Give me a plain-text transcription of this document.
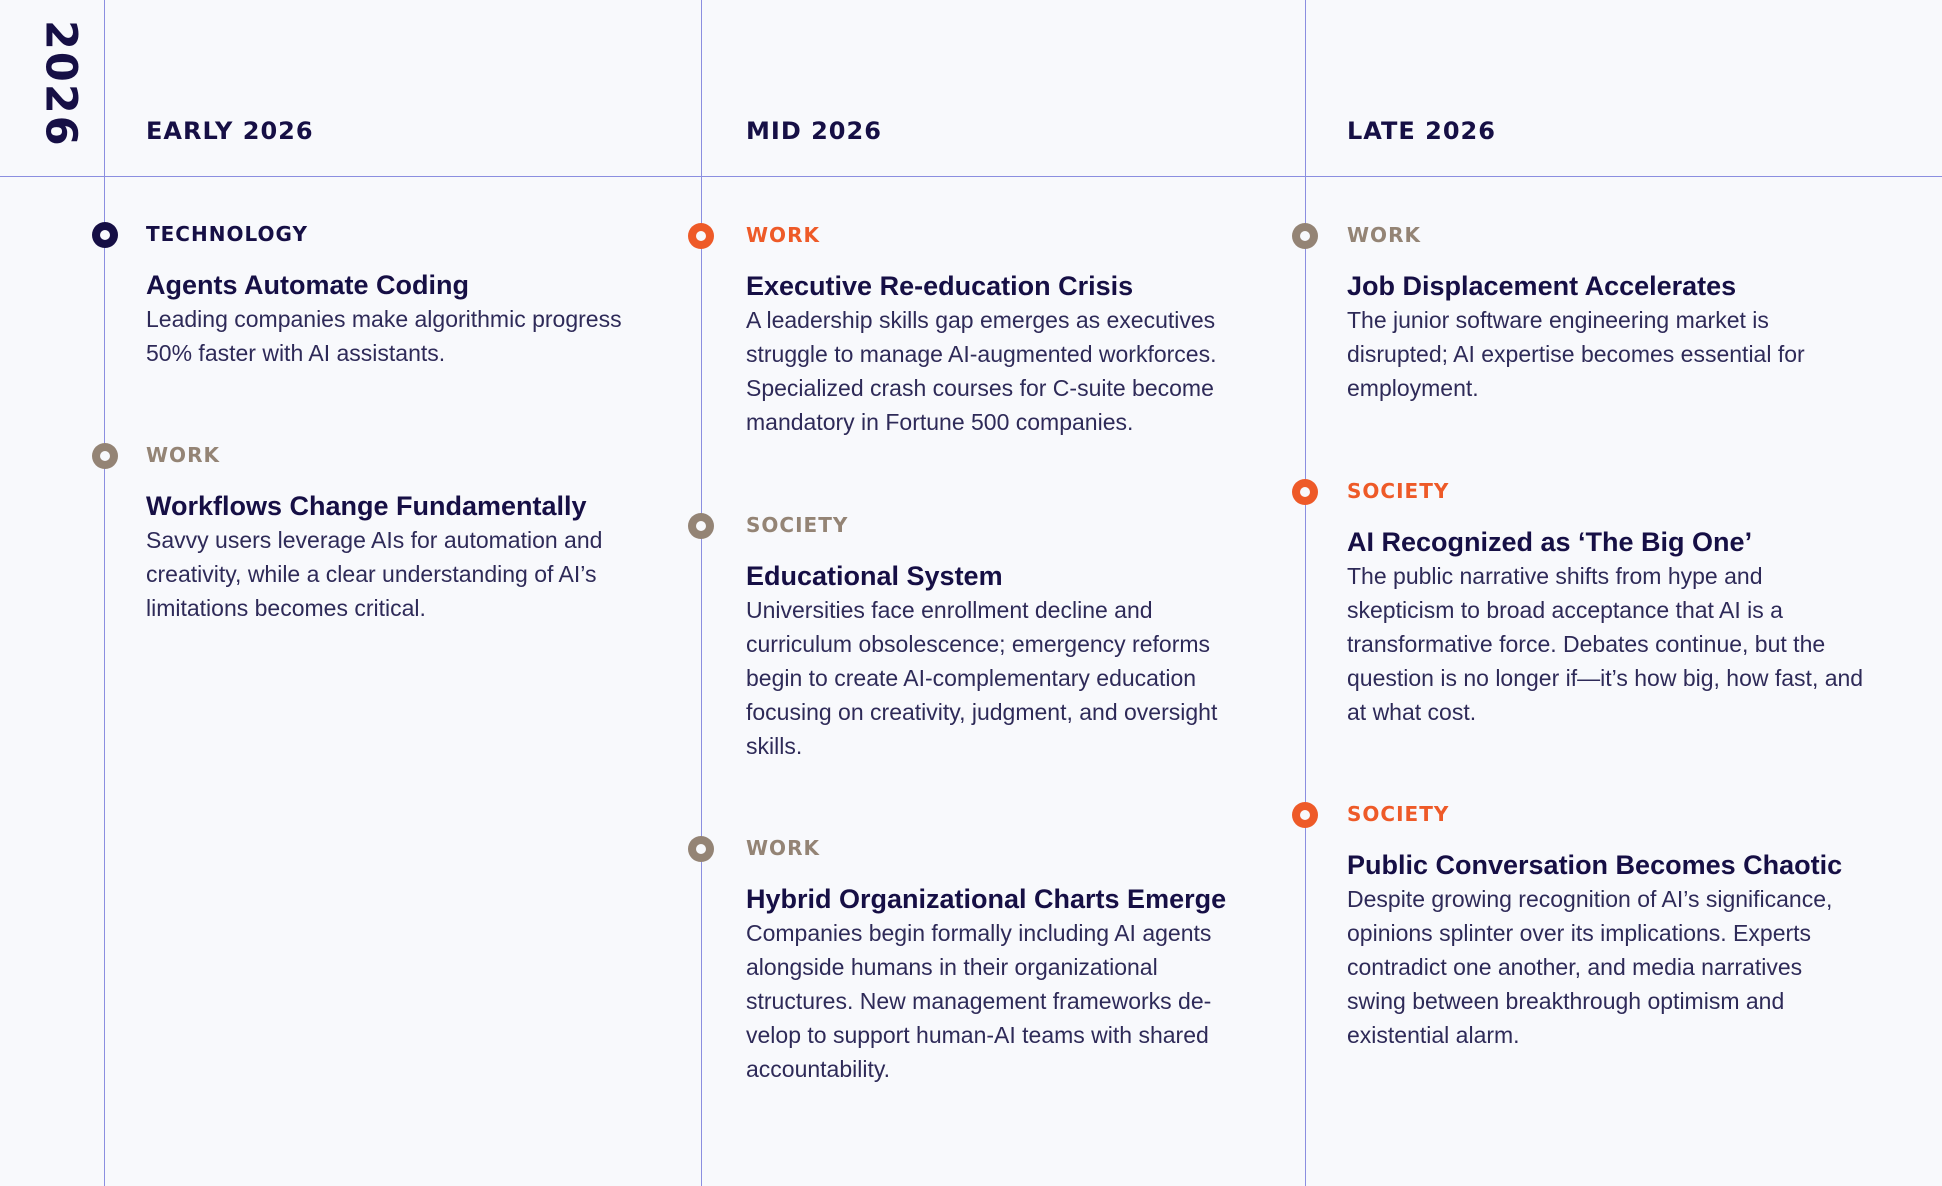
2026	EARLY 2026	MID 2026	LATE 2026
TECHNOLOGY
Agents Automate Coding
Leading companies make algorithmic progress 50% faster with AI assistants.
WORK
Workflows Change Fundamentally
Savvy users leverage AIs for automation and creativity, while a clear understanding of AI’s limitations becomes critical.
WORK
Executive Re-education Crisis
A leadership skills gap emerges as executives struggle to manage AI-augmented workforces. Specialized crash courses for C-suite become mandatory in Fortune 500 companies.
SOCIETY
Educational System
Universities face enrollment decline and curriculum obsolescence; emergency reforms begin to create AI-complementary education focusing on creativity, judgment, and oversight skills.
WORK
Hybrid Organizational Charts Emerge
Companies begin formally including AI agents alongside humans in their organizational structures. New management frameworks develop to support human-AI teams with shared accountability.
WORK
Job Displacement Accelerates
The junior software engineering market is disrupted; AI expertise becomes essential for employment.
SOCIETY
AI Recognized as ‘The Big One’
The public narrative shifts from hype and skepticism to broad acceptance that AI is a transformative force. Debates continue, but the question is no longer if—it’s how big, how fast, and at what cost.
SOCIETY
Public Conversation Becomes Chaotic
Despite growing recognition of AI’s significance, opinions splinter over its implications. Experts contradict one another, and media narratives swing between breakthrough optimism and existential alarm.
